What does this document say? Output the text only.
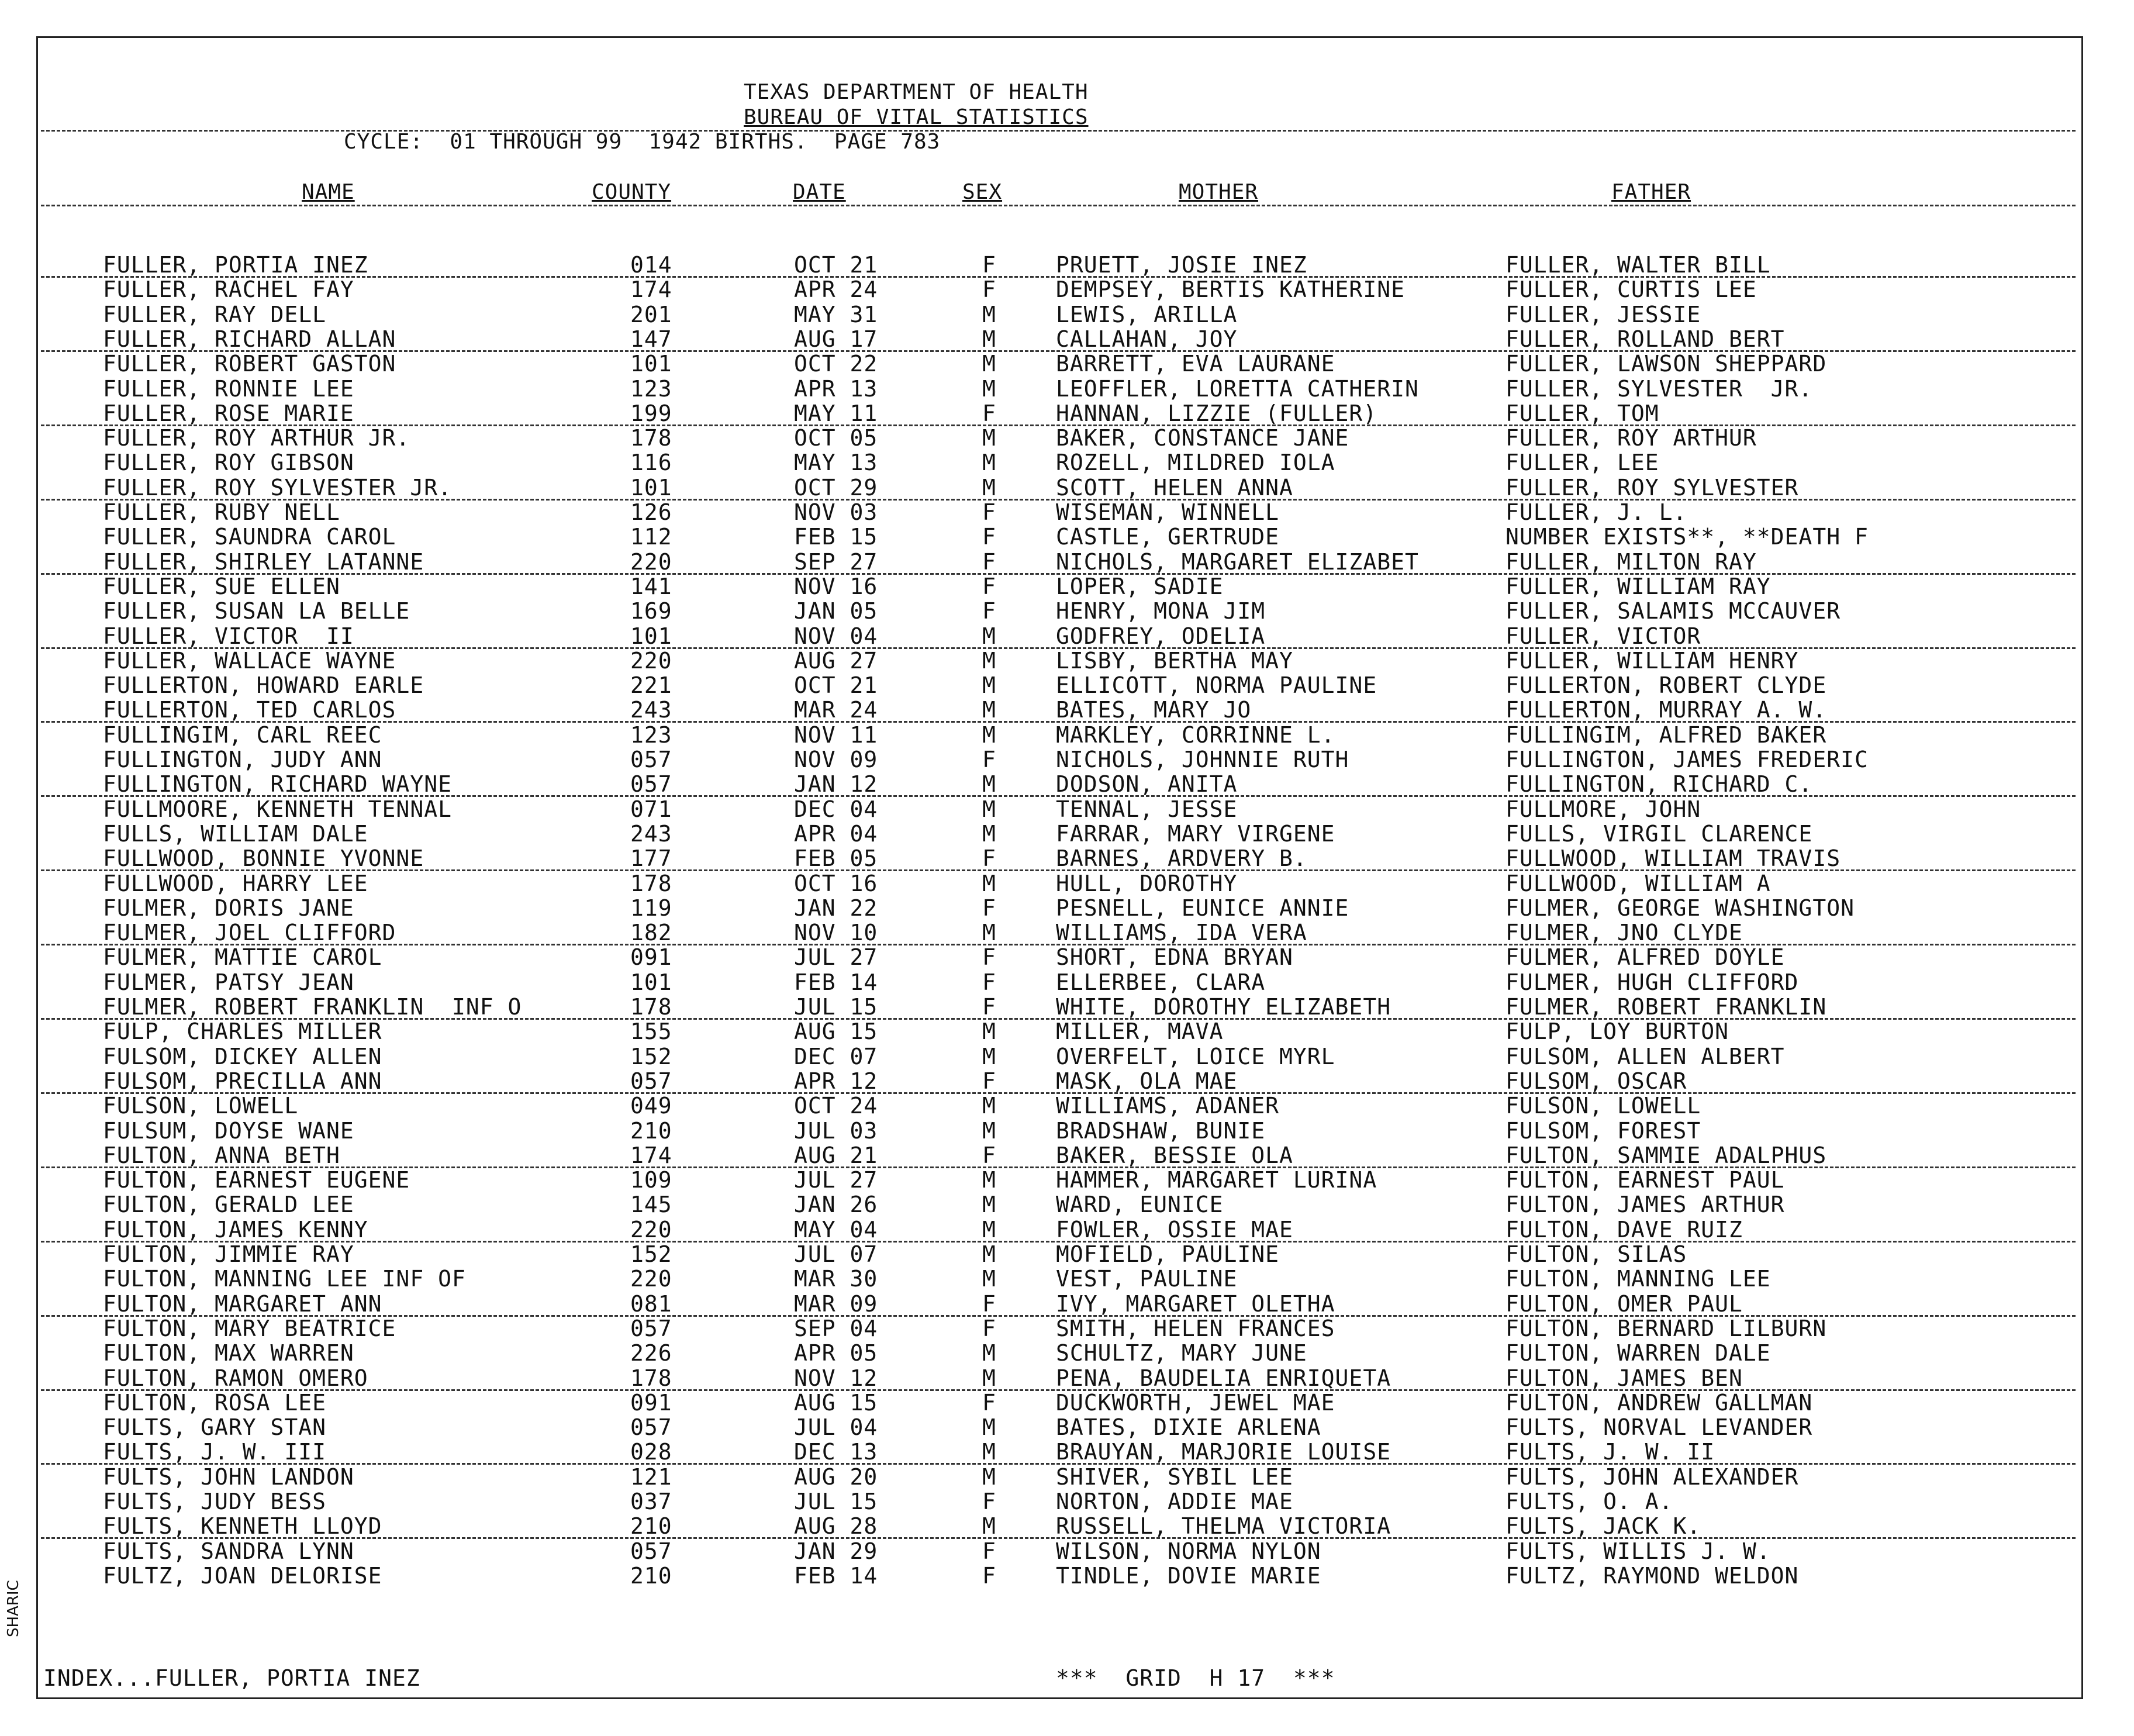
TEXAS DEPARTMENT OF HEALTH
BUREAU OF VITAL STATISTICS
CYCLE:  01 THROUGH 99  1942 BIRTHS.  PAGE 783
NAME	COUNTY	DATE	SEX	MOTHER	FATHER
FULLER, PORTIA INEZ	014	OCT 21	F	PRUETT, JOSIE INEZ	FULLER, WALTER BILL
FULLER, RACHEL FAY	174	APR 24	F	DEMPSEY, BERTIS KATHERINE	FULLER, CURTIS LEE
FULLER, RAY DELL	201	MAY 31	M	LEWIS, ARILLA	FULLER, JESSIE
FULLER, RICHARD ALLAN	147	AUG 17	M	CALLAHAN, JOY	FULLER, ROLLAND BERT
FULLER, ROBERT GASTON	101	OCT 22	M	BARRETT, EVA LAURANE	FULLER, LAWSON SHEPPARD
FULLER, RONNIE LEE	123	APR 13	M	LEOFFLER, LORETTA CATHERIN	FULLER, SYLVESTER  JR.
FULLER, ROSE MARIE	199	MAY 11	F	HANNAN, LIZZIE (FULLER)	FULLER, TOM
FULLER, ROY ARTHUR JR.	178	OCT 05	M	BAKER, CONSTANCE JANE	FULLER, ROY ARTHUR
FULLER, ROY GIBSON	116	MAY 13	M	ROZELL, MILDRED IOLA	FULLER, LEE
FULLER, ROY SYLVESTER JR.	101	OCT 29	M	SCOTT, HELEN ANNA	FULLER, ROY SYLVESTER
FULLER, RUBY NELL	126	NOV 03	F	WISEMAN, WINNELL	FULLER, J. L.
FULLER, SAUNDRA CAROL	112	FEB 15	F	CASTLE, GERTRUDE	NUMBER EXISTS**, **DEATH F
FULLER, SHIRLEY LATANNE	220	SEP 27	F	NICHOLS, MARGARET ELIZABET	FULLER, MILTON RAY
FULLER, SUE ELLEN	141	NOV 16	F	LOPER, SADIE	FULLER, WILLIAM RAY
FULLER, SUSAN LA BELLE	169	JAN 05	F	HENRY, MONA JIM	FULLER, SALAMIS MCCAUVER
FULLER, VICTOR  II	101	NOV 04	M	GODFREY, ODELIA	FULLER, VICTOR
FULLER, WALLACE WAYNE	220	AUG 27	M	LISBY, BERTHA MAY	FULLER, WILLIAM HENRY
FULLERTON, HOWARD EARLE	221	OCT 21	M	ELLICOTT, NORMA PAULINE	FULLERTON, ROBERT CLYDE
FULLERTON, TED CARLOS	243	MAR 24	M	BATES, MARY JO	FULLERTON, MURRAY A. W.
FULLINGIM, CARL REEC	123	NOV 11	M	MARKLEY, CORRINNE L.	FULLINGIM, ALFRED BAKER
FULLINGTON, JUDY ANN	057	NOV 09	F	NICHOLS, JOHNNIE RUTH	FULLINGTON, JAMES FREDERIC
FULLINGTON, RICHARD WAYNE	057	JAN 12	M	DODSON, ANITA	FULLINGTON, RICHARD C.
FULLMOORE, KENNETH TENNAL	071	DEC 04	M	TENNAL, JESSE	FULLMORE, JOHN
FULLS, WILLIAM DALE	243	APR 04	M	FARRAR, MARY VIRGENE	FULLS, VIRGIL CLARENCE
FULLWOOD, BONNIE YVONNE	177	FEB 05	F	BARNES, ARDVERY B.	FULLWOOD, WILLIAM TRAVIS
FULLWOOD, HARRY LEE	178	OCT 16	M	HULL, DOROTHY	FULLWOOD, WILLIAM A
FULMER, DORIS JANE	119	JAN 22	F	PESNELL, EUNICE ANNIE	FULMER, GEORGE WASHINGTON
FULMER, JOEL CLIFFORD	182	NOV 10	M	WILLIAMS, IDA VERA	FULMER, JNO CLYDE
FULMER, MATTIE CAROL	091	JUL 27	F	SHORT, EDNA BRYAN	FULMER, ALFRED DOYLE
FULMER, PATSY JEAN	101	FEB 14	F	ELLERBEE, CLARA	FULMER, HUGH CLIFFORD
FULMER, ROBERT FRANKLIN  INF O	178	JUL 15	F	WHITE, DOROTHY ELIZABETH	FULMER, ROBERT FRANKLIN
FULP, CHARLES MILLER	155	AUG 15	M	MILLER, MAVA	FULP, LOY BURTON
FULSOM, DICKEY ALLEN	152	DEC 07	M	OVERFELT, LOICE MYRL	FULSOM, ALLEN ALBERT
FULSOM, PRECILLA ANN	057	APR 12	F	MASK, OLA MAE	FULSOM, OSCAR
FULSON, LOWELL	049	OCT 24	M	WILLIAMS, ADANER	FULSON, LOWELL
FULSUM, DOYSE WANE	210	JUL 03	M	BRADSHAW, BUNIE	FULSOM, FOREST
FULTON, ANNA BETH	174	AUG 21	F	BAKER, BESSIE OLA	FULTON, SAMMIE ADALPHUS
FULTON, EARNEST EUGENE	109	JUL 27	M	HAMMER, MARGARET LURINA	FULTON, EARNEST PAUL
FULTON, GERALD LEE	145	JAN 26	M	WARD, EUNICE	FULTON, JAMES ARTHUR
FULTON, JAMES KENNY	220	MAY 04	M	FOWLER, OSSIE MAE	FULTON, DAVE RUIZ
FULTON, JIMMIE RAY	152	JUL 07	M	MOFIELD, PAULINE	FULTON, SILAS
FULTON, MANNING LEE INF OF	220	MAR 30	M	VEST, PAULINE	FULTON, MANNING LEE
FULTON, MARGARET ANN	081	MAR 09	F	IVY, MARGARET OLETHA	FULTON, OMER PAUL
FULTON, MARY BEATRICE	057	SEP 04	F	SMITH, HELEN FRANCES	FULTON, BERNARD LILBURN
FULTON, MAX WARREN	226	APR 05	M	SCHULTZ, MARY JUNE	FULTON, WARREN DALE
FULTON, RAMON OMERO	178	NOV 12	M	PENA, BAUDELIA ENRIQUETA	FULTON, JAMES BEN
FULTON, ROSA LEE	091	AUG 15	F	DUCKWORTH, JEWEL MAE	FULTON, ANDREW GALLMAN
FULTS, GARY STAN	057	JUL 04	M	BATES, DIXIE ARLENA	FULTS, NORVAL LEVANDER
FULTS, J. W. III	028	DEC 13	M	BRAUYAN, MARJORIE LOUISE	FULTS, J. W. II
FULTS, JOHN LANDON	121	AUG 20	M	SHIVER, SYBIL LEE	FULTS, JOHN ALEXANDER
FULTS, JUDY BESS	037	JUL 15	F	NORTON, ADDIE MAE	FULTS, O. A.
FULTS, KENNETH LLOYD	210	AUG 28	M	RUSSELL, THELMA VICTORIA	FULTS, JACK K.
FULTS, SANDRA LYNN	057	JAN 29	F	WILSON, NORMA NYLON	FULTS, WILLIS J. W.
FULTZ, JOAN DELORISE	210	FEB 14	F	TINDLE, DOVIE MARIE	FULTZ, RAYMOND WELDON
INDEX...FULLER, PORTIA INEZ	***  GRID  H 17  ***
SHARIC
